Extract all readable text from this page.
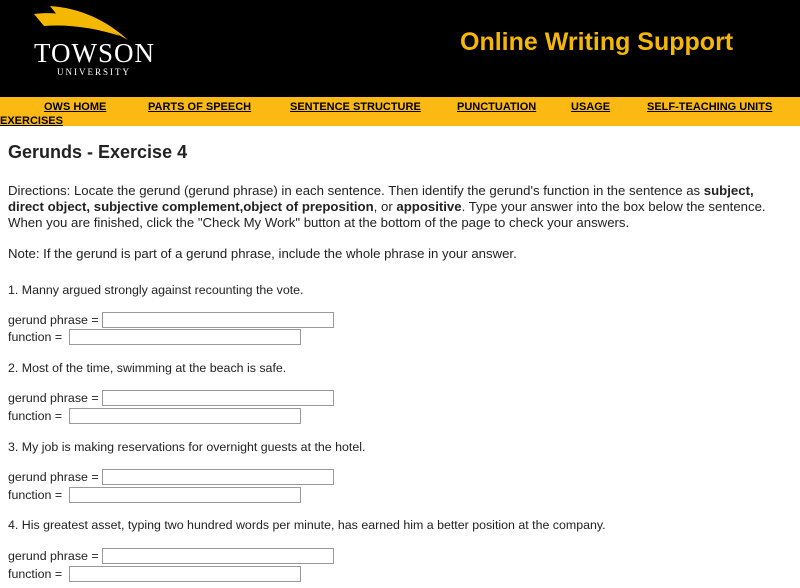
TOWSON
UNIVERSITY
Online Writing Support
OWS HOME	PARTS OF SPEECH	SENTENCE STRUCTURE	PUNCTUATION	USAGE	SELF-TEACHING UNITS
EXERCISES
Gerunds - Exercise 4
Directions: Locate the gerund (gerund phrase) in each sentence. Then identify the gerund's function in the sentence as subject, direct object, subjective complement,object of preposition, or appositive. Type your answer into the box below the sentence. When you are finished, click the "Check My Work" button at the bottom of the page to check your answers.
Note: If the gerund is part of a gerund phrase, include the whole phrase in your answer.
1. Manny argued strongly against recounting the vote.
gerund phrase =
function =
2. Most of the time, swimming at the beach is safe.
gerund phrase =
function =
3. My job is making reservations for overnight guests at the hotel.
gerund phrase =
function =
4. His greatest asset, typing two hundred words per minute, has earned him a better position at the company.
gerund phrase =
function =
